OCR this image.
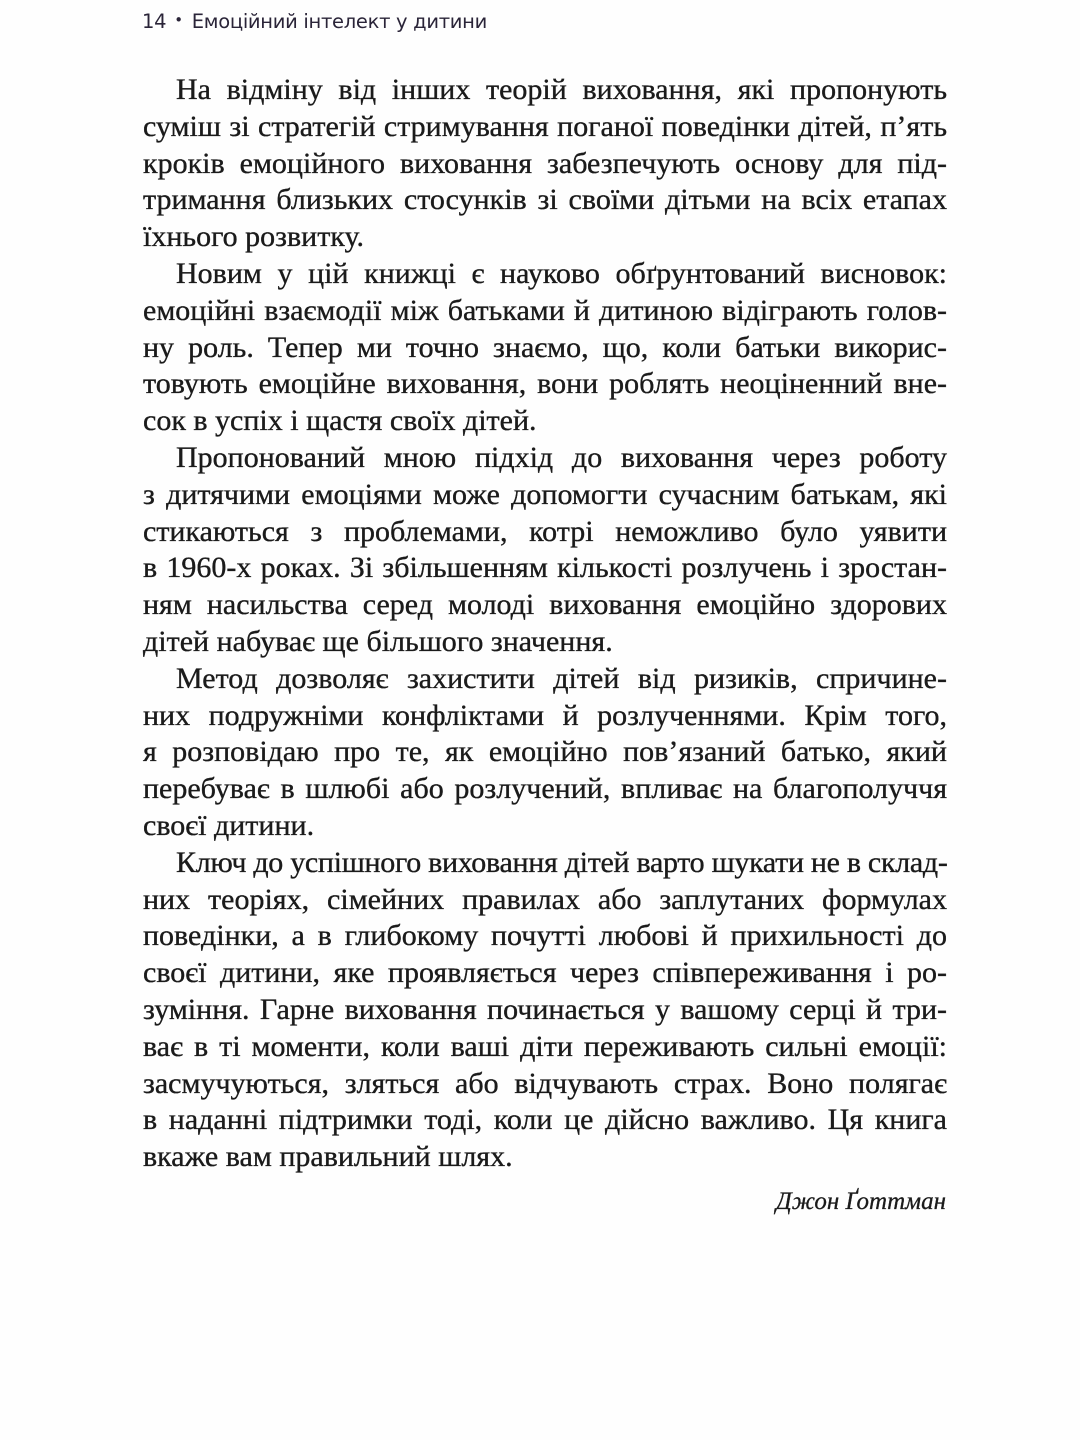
14 • Емоційний інтелект у дитини

На відміну від інших теорій виховання, які пропонують
суміш зі стратегій стримування поганої поведінки дітей, п’ять
кроків емоційного виховання забезпечують основу для під-
тримання близьких стосунків зі своїми дітьми на всіх етапах
їхнього розвитку.

Новим у цій книжці є науково обґрунтований висновок:
емоційні взаємодії між батьками й дитиною відіграють голов-
ну роль. Тепер ми точно знаємо, що, коли батьки викорис-
товують емоційне виховання, вони роблять неоціненний вне-
сок в успіх і щастя своїх дітей.

Пропонований мною підхід до виховання через роботу
з дитячими емоціями може допомогти сучасним батькам, які
стикаються з проблемами, котрі неможливо було уявити
в 1960-х роках. Зі збільшенням кількості розлучень і зростан-
ням насильства серед молоді виховання емоційно здорових
дітей набуває ще більшого значення.

Метод дозволяє захистити дітей від ризиків, спричине-
них подружніми конфліктами й розлученнями. Крім того,
я розповідаю про те, як емоційно пов’язаний батько, який
перебуває в шлюбі або розлучений, впливає на благополуччя
своєї дитини.

Ключ до успішного виховання дітей варто шукати не в склад-
них теоріях, сімейних правилах або заплутаних формулах
поведінки, а в глибокому почутті любові й прихильності до
своєї дитини, яке проявляється через співпереживання і ро-
зуміння. Гарне виховання починається у вашому серці й три-
ває в ті моменти, коли ваші діти переживають сильні емоції:
засмучуються, зляться або відчувають страх. Воно полягає
в наданні підтримки тоді, коли це дійсно важливо. Ця книга
вкаже вам правильний шлях.

Джон Ґоттман
